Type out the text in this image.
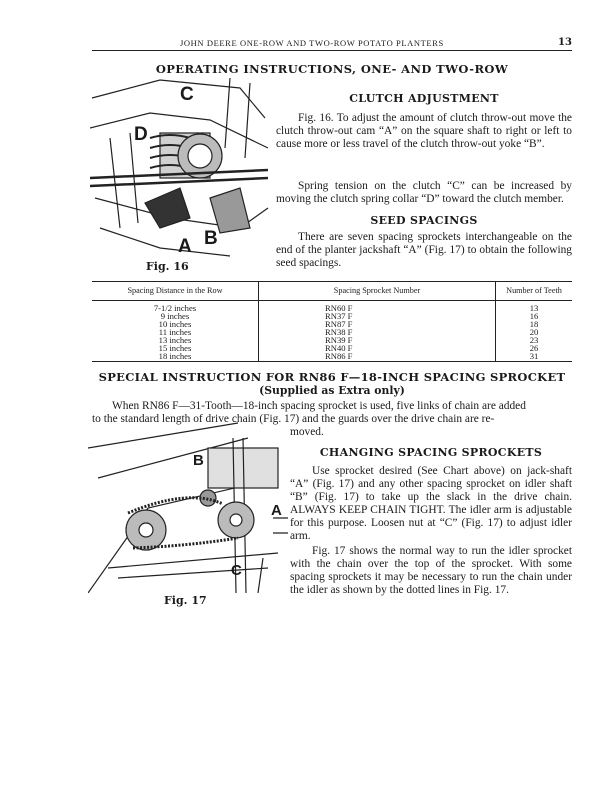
JOHN DEERE ONE-ROW AND TWO-ROW POTATO PLANTERS	13
OPERATING INSTRUCTIONS, ONE- AND TWO-ROW
C
D
A B
Fig. 16
CLUTCH ADJUSTMENT

Fig. 16. To adjust the amount of clutch throw-out move the clutch throw-out cam “A” on the square shaft to right or left to cause more or less travel of the clutch throw-out yoke “B”.

Spring tension on the clutch “C” can be increased by moving the clutch spring collar “D” toward the clutch member.

SEED SPACINGS

There are seven spacing sprockets interchangeable on the end of the planter jackshaft “A” (Fig. 17) to obtain the following seed spacings.

Spacing Distance in the Row	Spacing Sprocket Number	Number of Teeth
7-1/2 inches	RN60 F	13
9 inches	RN37 F	16
10 inches	RN87 F	18
11 inches	RN38 F	20
13 inches	RN39 F	23
15 inches	RN40 F	26
18 inches	RN86 F	31
SPECIAL INSTRUCTION FOR RN86 F—18-INCH SPACING SPROCKET
(Supplied as Extra only)
When RN86 F—31-Tooth—18-inch spacing sprocket is used, five links of chain are added
to the standard length of drive chain (Fig. 17) and the guards over the drive chain are re-
moved.
B
A
C
Fig. 17
CHANGING SPACING SPROCKETS

Use sprocket desired (See Chart above) on jack-shaft “A” (Fig. 17) and any other spacing sprocket on idler shaft “B” (Fig. 17) to take up the slack in the drive chain. ALWAYS KEEP CHAIN TIGHT. The idler arm is adjustable for this purpose. Loosen nut at “C” (Fig. 17) to adjust idler arm.

Fig. 17 shows the normal way to run the idler sprocket with the chain over the top of the sprocket. With some spacing sprockets it may be necessary to run the chain under the idler as shown by the dotted lines in Fig. 17.
